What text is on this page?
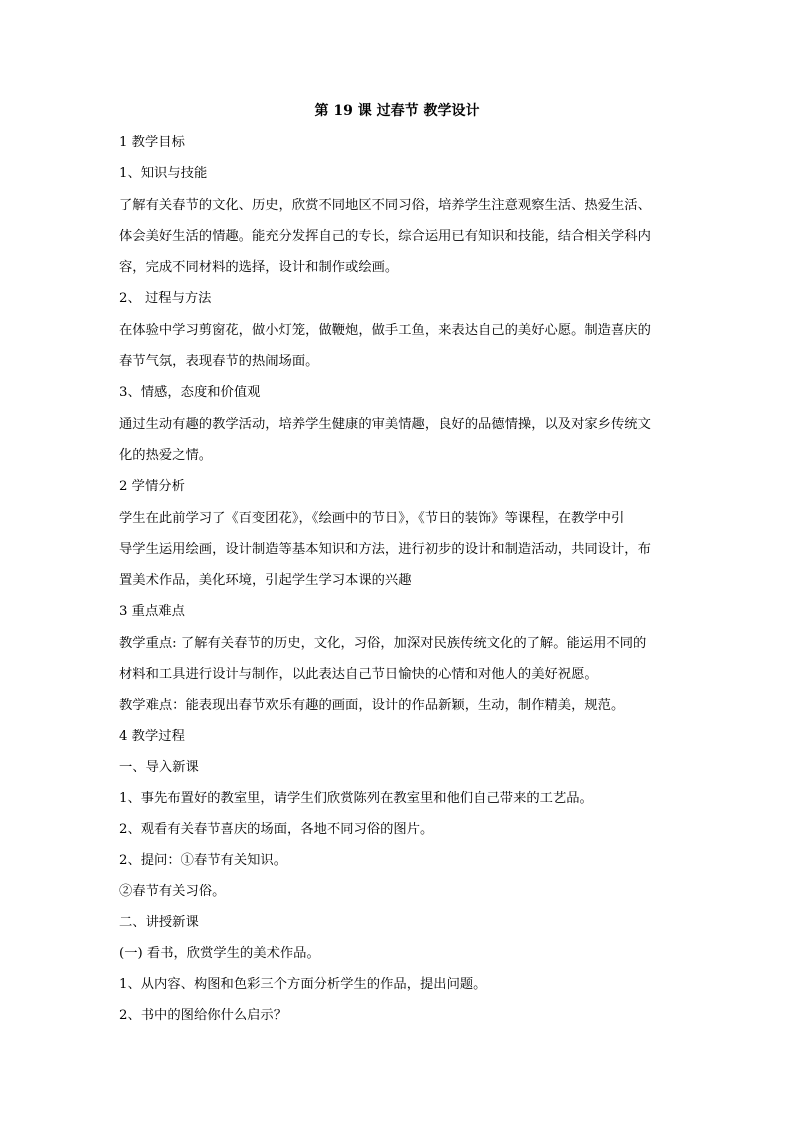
第 19 课 过春节 教学设计
1 教学目标
1、知识与技能
了解有关春节的文化、历史，欣赏不同地区不同习俗，培养学生注意观察生活、热爱生活、
体会美好生活的情趣。能充分发挥自己的专长，综合运用已有知识和技能，结合相关学科内
容，完成不同材料的选择，设计和制作或绘画。
2、 过程与方法
在体验中学习剪窗花，做小灯笼，做鞭炮，做手工鱼，来表达自己的美好心愿。制造喜庆的
春节气氛，表现春节的热闹场面。
3、情感，态度和价值观
通过生动有趣的教学活动，培养学生健康的审美情趣，良好的品德情操，以及对家乡传统文
化的热爱之情。
2 学情分析
学生在此前学习了《百变团花》，《绘画中的节日》，《节日的装饰》等课程，在教学中引
导学生运用绘画，设计制造等基本知识和方法，进行初步的设计和制造活动，共同设计，布
置美术作品，美化环境，引起学生学习本课的兴趣
3 重点难点
教学重点: 了解有关春节的历史，文化，习俗，加深对民族传统文化的了解。能运用不同的
材料和工具进行设计与制作，以此表达自己节日愉快的心情和对他人的美好祝愿。
教学难点：能表现出春节欢乐有趣的画面，设计的作品新颖，生动，制作精美，规范。
4 教学过程
一、导入新课
1、事先布置好的教室里，请学生们欣赏陈列在教室里和他们自己带来的工艺品。
2、观看有关春节喜庆的场面，各地不同习俗的图片。
2、提问：①春节有关知识。
②春节有关习俗。
二、讲授新课
(一) 看书，欣赏学生的美术作品。
1、从内容、构图和色彩三个方面分析学生的作品，提出问题。
2、书中的图给你什么启示？
